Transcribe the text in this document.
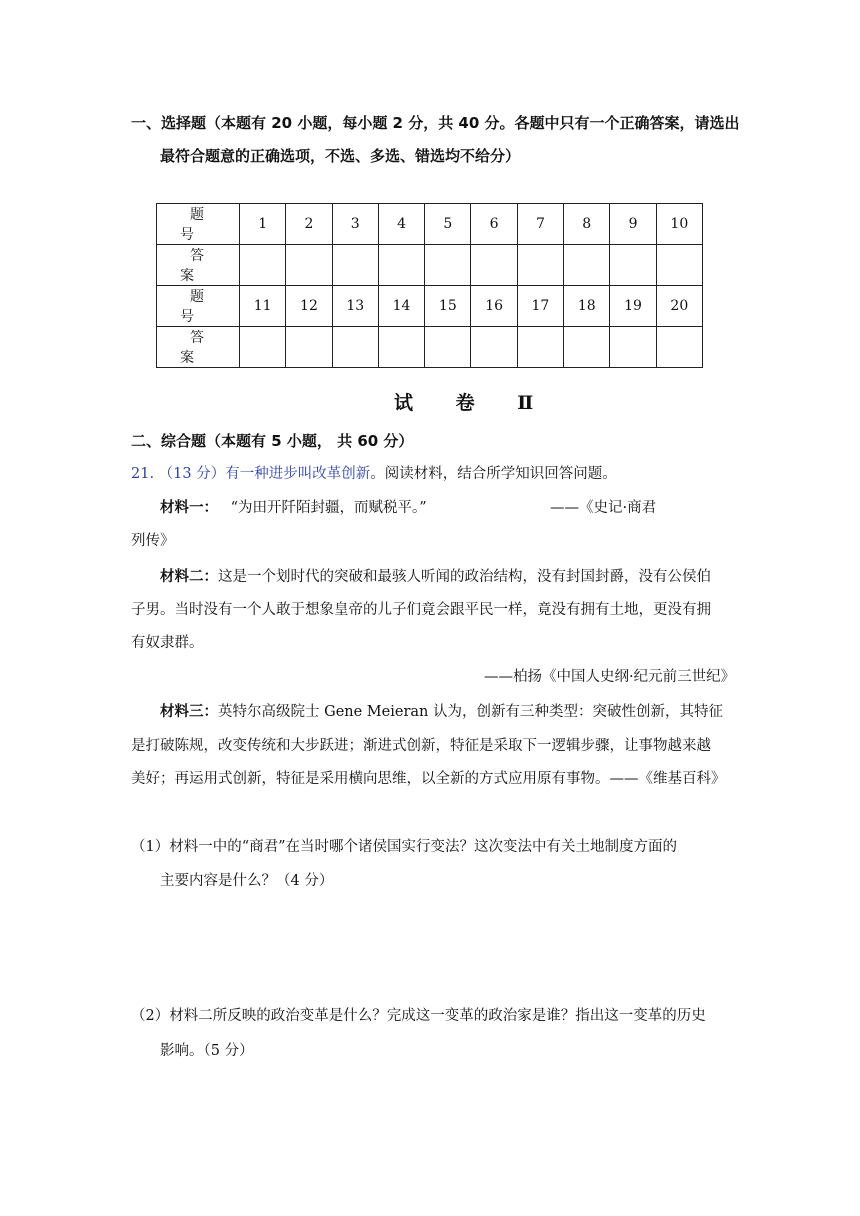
一、选择题（本题有 20 小题，每小题 2 分，共 40 分。各题中只有一个正确答案，请选出
最符合题意的正确选项，不选、多选、错选均不给分）
题 号	1	2	3	4	5	6	7	8	9	10
答 案										
题 号	11	12	13	14	15	16	17	18	19	20
答 案										
试 卷 Ⅱ
二、综合题（本题有 5 小题， 共 60 分）
21. （13 分）有一种进步叫改革创新。阅读材料，结合所学知识回答问题。
材料一： “为田开阡陌封疆，而赋税平。”	——《史记·商君
列传》
材料二：这是一个划时代的突破和最骇人听闻的政治结构，没有封国封爵，没有公侯伯
子男。当时没有一个人敢于想象皇帝的儿子们竟会跟平民一样，竟没有拥有土地，更没有拥
有奴隶群。
——柏扬《中国人史纲·纪元前三世纪》
材料三：英特尔高级院士 Gene Meieran 认为，创新有三种类型：突破性创新，其特征
是打破陈规，改变传统和大步跃进；渐进式创新，特征是采取下一逻辑步骤，让事物越来越
美好；再运用式创新，特征是采用横向思维，以全新的方式应用原有事物。——《维基百科》
（1）材料一中的“商君”在当时哪个诸侯国实行变法？这次变法中有关土地制度方面的
主要内容是什么？（4 分）
（2）材料二所反映的政治变革是什么？完成这一变革的政治家是谁？指出这一变革的历史
影响。（5 分）
